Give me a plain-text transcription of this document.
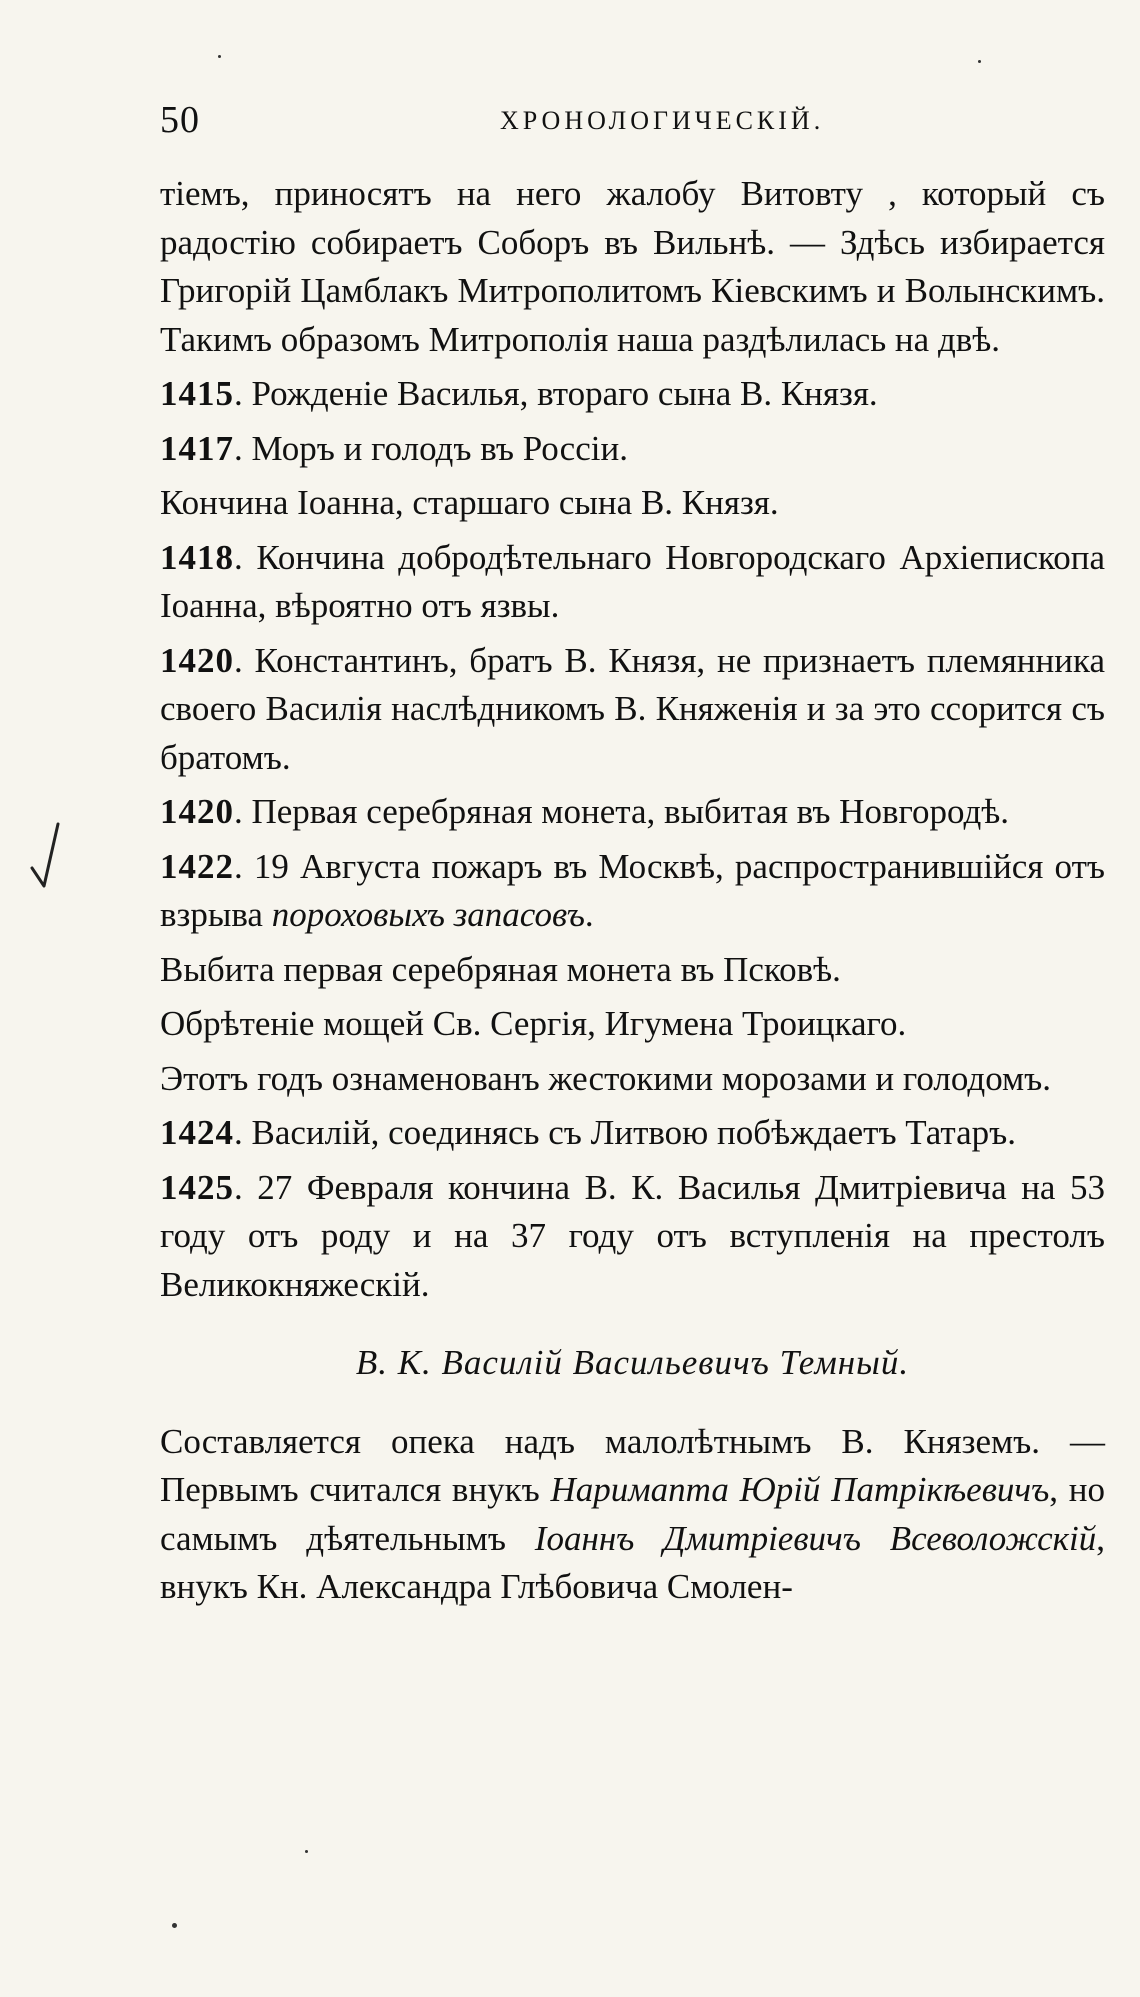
50	ХРОНОЛОГИЧЕСКІЙ.

тіемъ, приносятъ на него жалобу Витовту , который съ радостію собираетъ Соборъ въ Вильнѣ. — Здѣсь избирается Григорій Цамблакъ Митрополитомъ Кіевскимъ и Волынскимъ. Такимъ образомъ Митрополія наша раздѣлилась на двѣ.

1415. Рожденіе Василья, втораго сына В. Князя.

1417. Моръ и голодъ въ Россіи.

Кончина Іоанна, старшаго сына В. Князя.

1418. Кончина добродѣтельнаго Новгородскаго Архіепископа Іоанна, вѣроятно отъ язвы.

1420. Константинъ, братъ В. Князя, не признаетъ племянника своего Василія наслѣдникомъ В. Княженія и за это ссорится съ братомъ.

1420. Первая серебряная монета, выбитая въ Новгородѣ.

1422. 19 Августа пожаръ въ Москвѣ, распространившійся отъ взрыва пороховыхъ запасовъ.

Выбита первая серебряная монета въ Псковѣ.

Обрѣтеніе мощей Св. Сергія, Игумена Троицкаго.

Этотъ годъ ознаменованъ жестокими морозами и голодомъ.

1424. Василій, соединясь съ Литвою побѣждаетъ Татаръ.

1425. 27 Февраля кончина В. К. Василья Дмитріевича на 53 году отъ роду и на 37 году отъ вступленія на престолъ Великокняжескій.

В. К. Василій Васильевичъ Темный.

Составляется опека надъ малолѣтнымъ В. Княземъ. — Первымъ считался внукъ Наримапта Юрій Патрікѣевичъ, но самымъ дѣятельнымъ Іоаннъ Дмитріевичъ Всеволожскій, внукъ Кн. Александра Глѣбовича Смолен-
